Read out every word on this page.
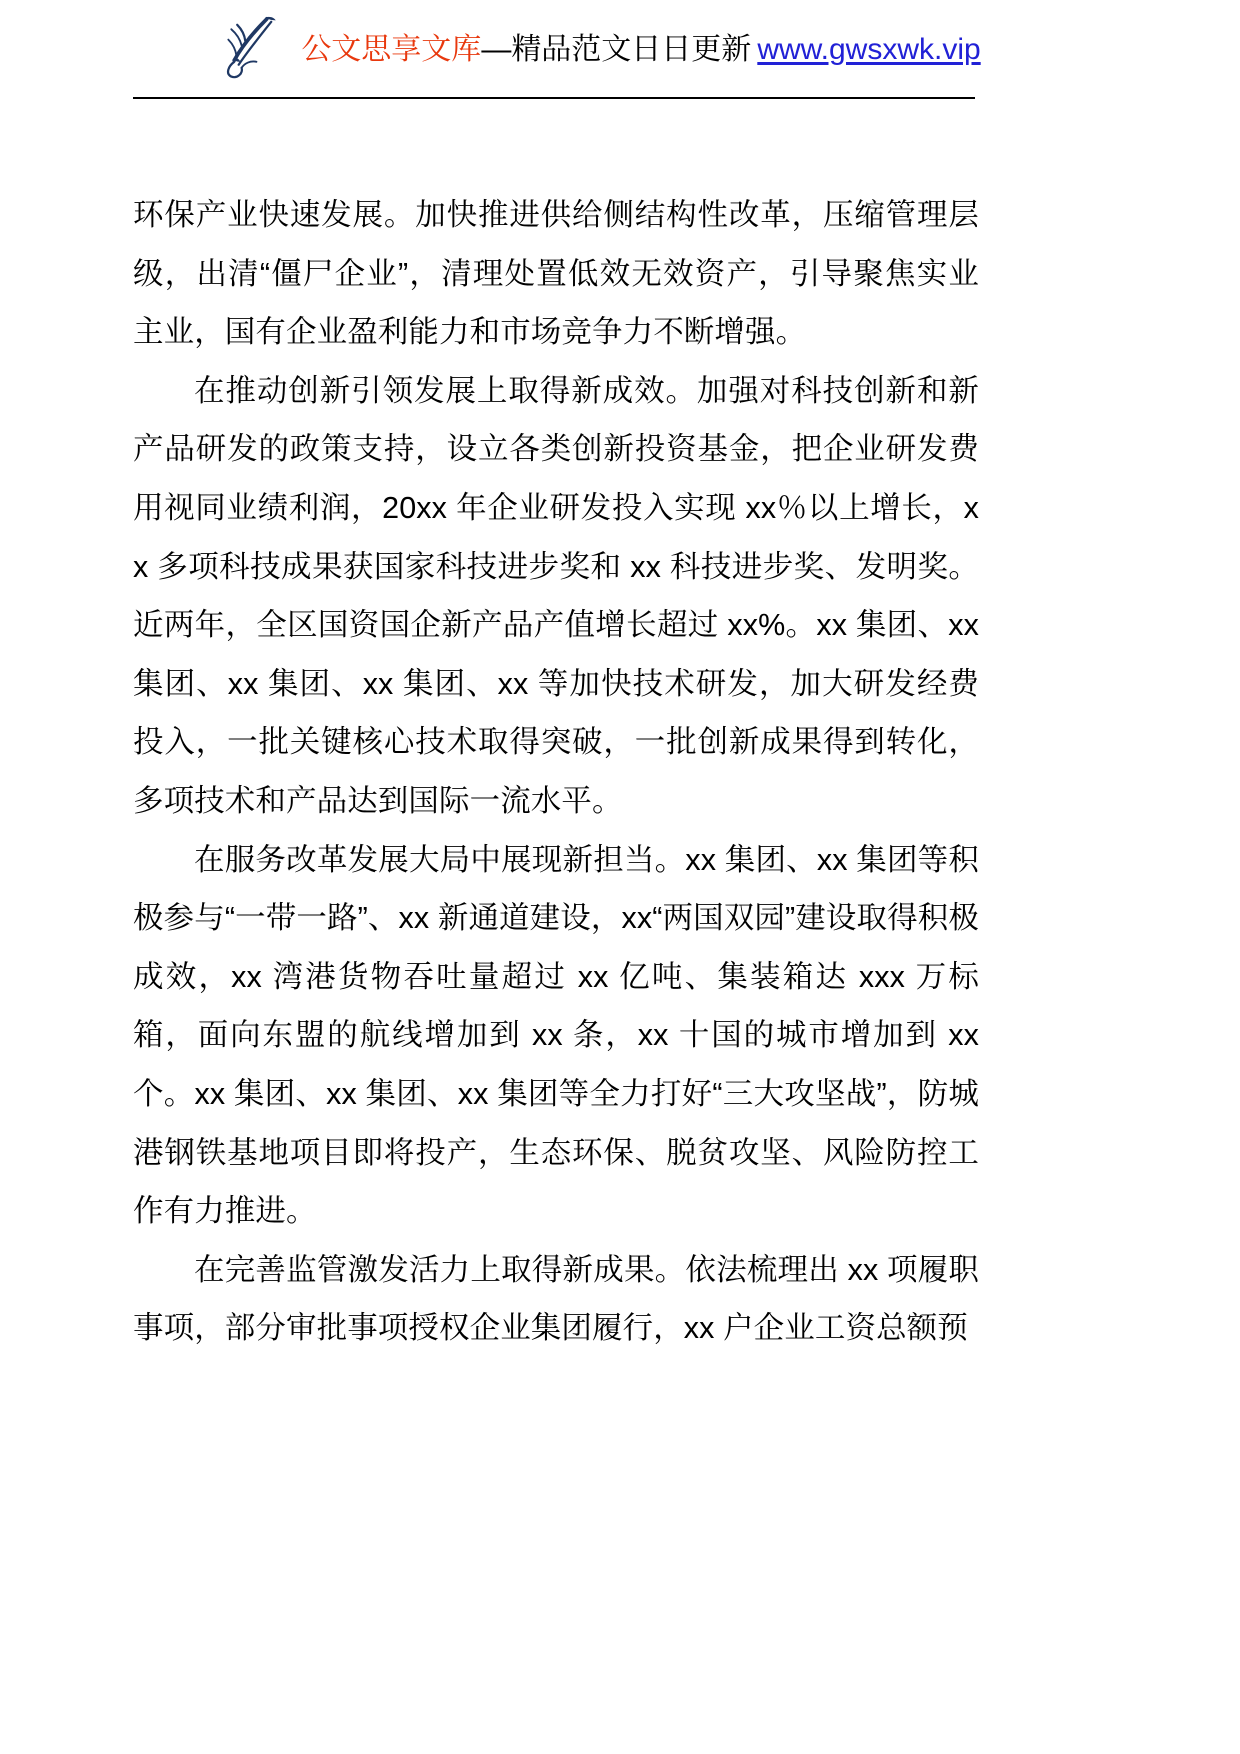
公文思享文库—精品范文日日更新 www.gwsxwk.vip

环保产业快速发展。加快推进供给侧结构性改革，压缩管理层级，出清“僵尸企业”，清理处置低效无效资产，引导聚焦实业主业，国有企业盈利能力和市场竞争力不断增强。

在推动创新引领发展上取得新成效。加强对科技创新和新产品研发的政策支持，设立各类创新投资基金，把企业研发费用视同业绩利润，20xx 年企业研发投入实现 xx％以上增长，xx 多项科技成果获国家科技进步奖和 xx 科技进步奖、发明奖。近两年，全区国资国企新产品产值增长超过 xx%。xx 集团、xx 集团、xx 集团、xx 集团、xx 等加快技术研发，加大研发经费投入，一批关键核心技术取得突破，一批创新成果得到转化，多项技术和产品达到国际一流水平。

在服务改革发展大局中展现新担当。xx 集团、xx 集团等积极参与“一带一路”、xx 新通道建设，xx“两国双园”建设取得积极成效，xx 湾港货物吞吐量超过 xx 亿吨、集装箱达 xxx 万标箱，面向东盟的航线增加到 xx 条，xx 十国的城市增加到 xx 个。xx 集团、xx 集团、xx 集团等全力打好“三大攻坚战”，防城港钢铁基地项目即将投产，生态环保、脱贫攻坚、风险防控工作有力推进。

在完善监管激发活力上取得新成果。依法梳理出 xx 项履职事项，部分审批事项授权企业集团履行，xx 户企业工资总额预
